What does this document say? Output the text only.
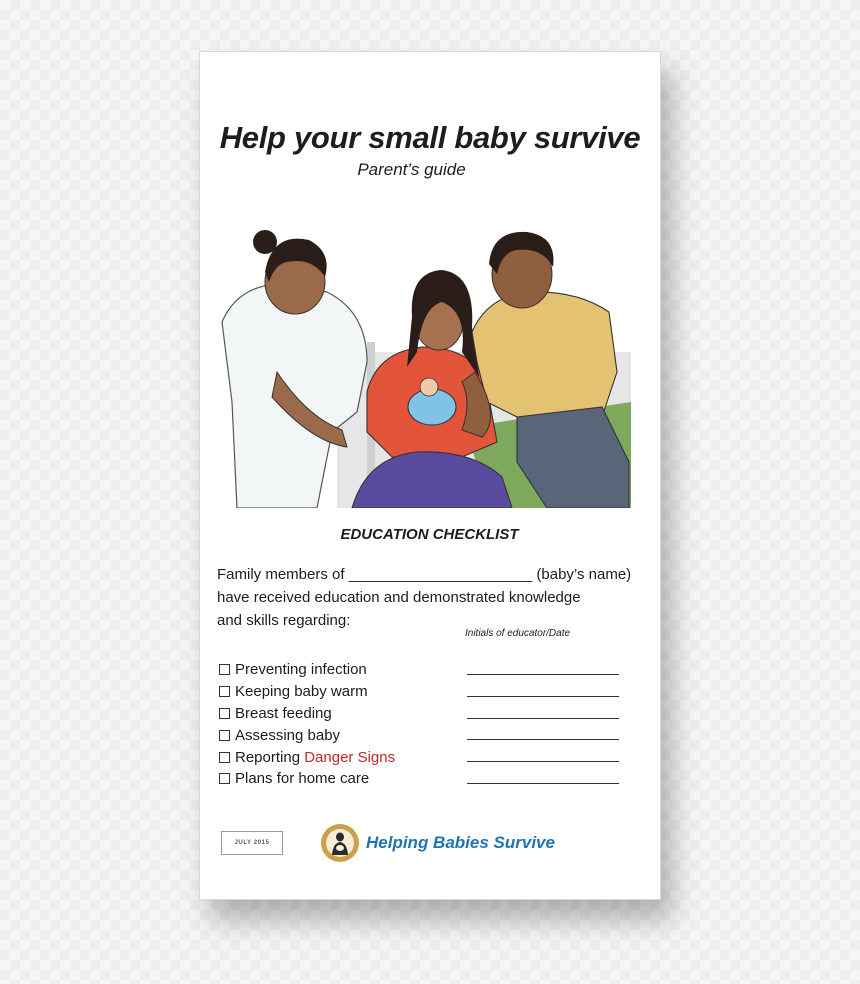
Help your small baby survive
Parent’s guide
EDUCATION CHECKLIST
Family members of ______________________ (baby’s name)
have received education and demonstrated knowledge
and skills regarding:
Initials of educator/Date
Preventing infection
Keeping baby warm
Breast feeding
Assessing baby
Reporting Danger Signs
Plans for home care
JULY 2015	Helping Babies Survive
